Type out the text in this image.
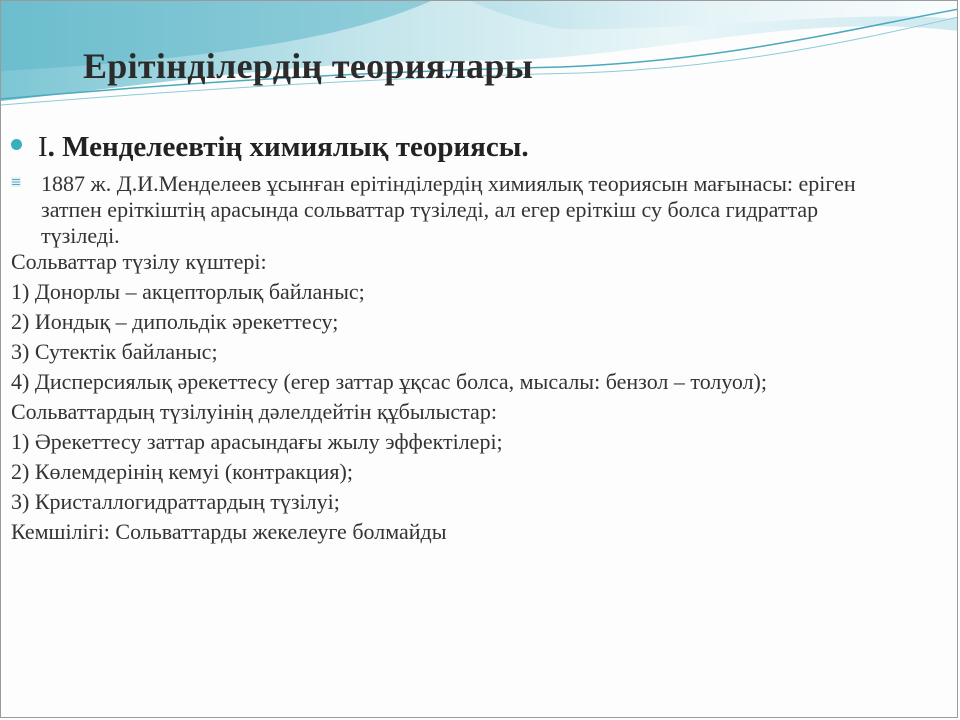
Ерітінділердің теориялары
I. Менделеевтің химиялық теориясы.
1887 ж. Д.И.Менделеев ұсынған ерітінділердің химиялық теориясын мағынасы: еріген затпен еріткіштің арасында сольваттар түзіледі, ал егер еріткіш су болса гидраттар түзіледі.
Сольваттар түзілу күштері:
1) Донорлы – акцепторлық байланыс;
2) Иондық – дипольдік әрекеттесу;
3) Сутектік байланыс;
4) Дисперсиялық әрекеттесу (егер заттар ұқсас болса, мысалы: бензол – толуол);
Сольваттардың түзілуінің дәлелдейтін құбылыстар:
1) Әрекеттесу заттар арасындағы жылу эффектілері;
2) Көлемдерінің кемуі (контракция);
3) Кристаллогидраттардың түзілуі;
Кемшілігі: Сольваттарды жекелеуге болмайды
